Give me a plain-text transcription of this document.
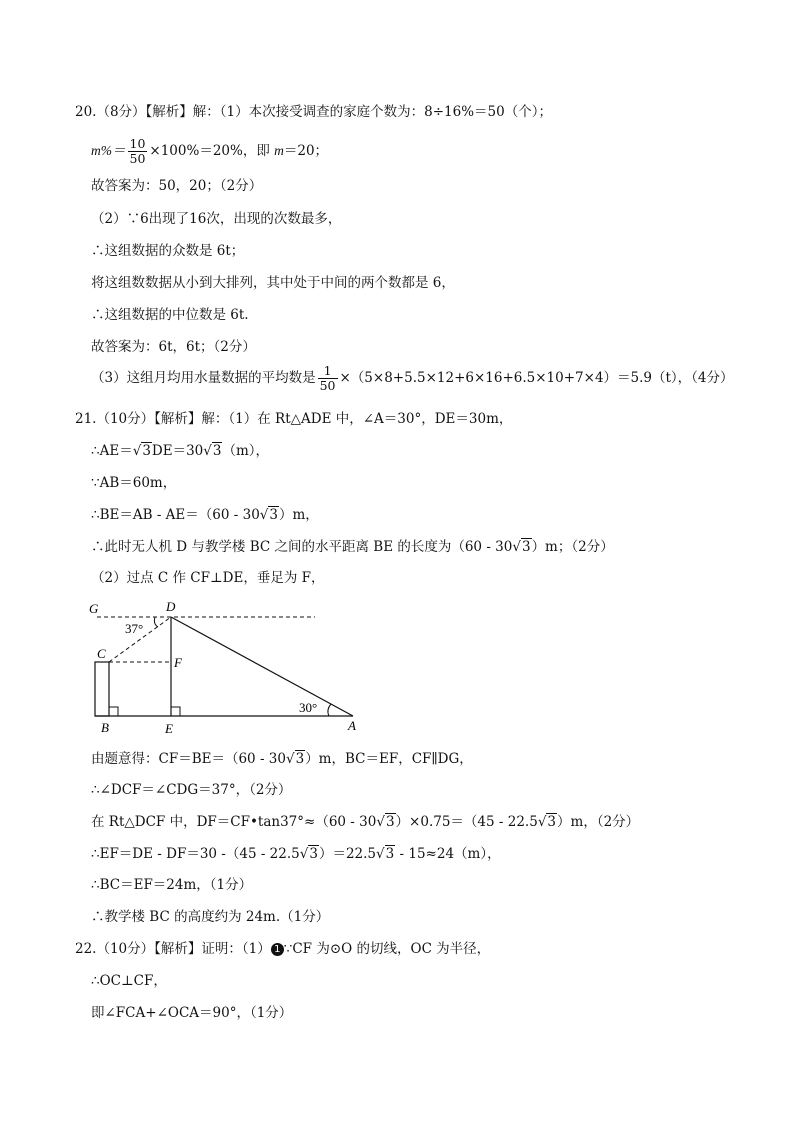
20.（8分）【解析】解：（1）本次接受调查的家庭个数为：8÷16%＝50（个）；
$m\%= \frac{10}{50} \times 100\%=20\%$，即 m＝20；
故答案为：50，20；（2分）
（2）∵6出现了16次，出现的次数最多，
∴这组数据的众数是 6t；
将这组数数据从小到大排列，其中处于中间的两个数都是 6，
∴这组数据的中位数是 6t.
故答案为：6t，6t；（2分）
（3）这组月均用水量数据的平均数是 $\frac{1}{50} \times(5\times 8+5.5\times 12+6\times 16+6.5\times 10+7\times 4)=5.9(t)$，（4分）
21.（10分）【解析】解：（1）在 Rt△ADE 中，∠A＝30°，DE＝30m，
∴AE＝√3DE＝30√3（m），
∵AB＝60m，
∴BE＝AB - AE＝（60 - 30√3）m，
∴此时无人机 D 与教学楼 BC 之间的水平距离 BE 的长度为（60 - 30√3）m；（2分）
（2）过点 C 作 CF⊥DE，垂足为 F，
G	D
37°
C
F
30°
B	E	A
由题意得：CF＝BE＝（60 - 30√3）m，BC＝EF，CF∥DG，
∴∠DCF＝∠CDG＝37°，（2分）
在 Rt△DCF 中，DF＝CF•tan37°≈（60 - 30√3）×0.75＝（45 - 22.5√3）m，（2分）
∴EF＝DE - DF＝30 -（45 - 22.5√3）＝22.5√3 - 15≈24（m），
∴BC＝EF＝24m，（1分）
∴教学楼 BC 的高度约为 24m.（1分）
22.（10分）【解析】证明：（1） 1 ∵CF 为⊙O 的切线，OC 为半径，
∴OC⊥CF，
即∠FCA+∠OCA＝90°，（1分）
